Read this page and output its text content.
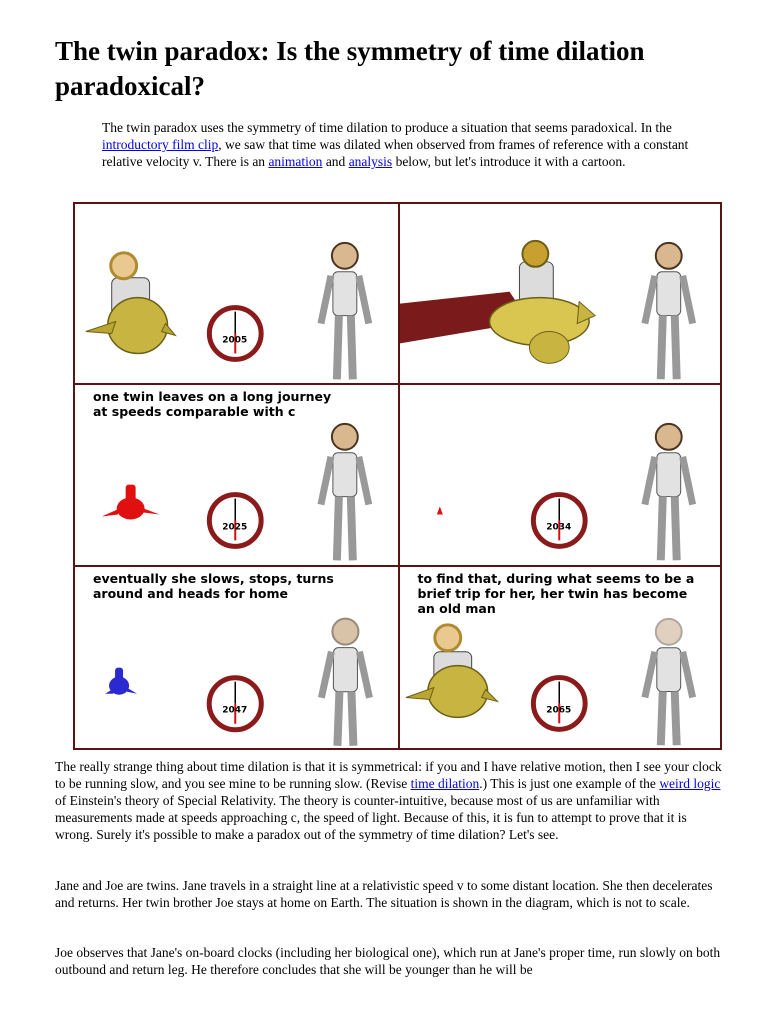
The twin paradox: Is the symmetry of time dilation paradoxical?

The twin paradox uses the symmetry of time dilation to produce a situation that seems paradoxical. In the introductory film clip, we saw that time was dilated when observed from frames of reference with a constant relative velocity v. There is an animation and analysis below, but let's introduce it with a cartoon.

2005

2025

one twin leaves on a long journey
at speeds comparable with c

2034

2047

eventually she slows, stops, turns
around and heads for home

2065

to find that, during what seems to be a
brief trip for her, her twin has become
an old man

The really strange thing about time dilation is that it is symmetrical: if you and I have relative motion, then I see your clock to be running slow, and you see mine to be running slow. (Revise time dilation.) This is just one example of the weird logic of Einstein's theory of Special Relativity. The theory is counter-intuitive, because most of us are unfamiliar with measurements made at speeds approaching c, the speed of light. Because of this, it is fun to attempt to prove that it is wrong. Surely it's possible to make a paradox out of the symmetry of time dilation? Let's see.

Jane and Joe are twins. Jane travels in a straight line at a relativistic speed v to some distant location. She then decelerates and returns. Her twin brother Joe stays at home on Earth. The situation is shown in the diagram, which is not to scale.

Joe observes that Jane's on-board clocks (including her biological one), which run at Jane's proper time, run slowly on both outbound and return leg. He therefore concludes that she will be younger than he will be
